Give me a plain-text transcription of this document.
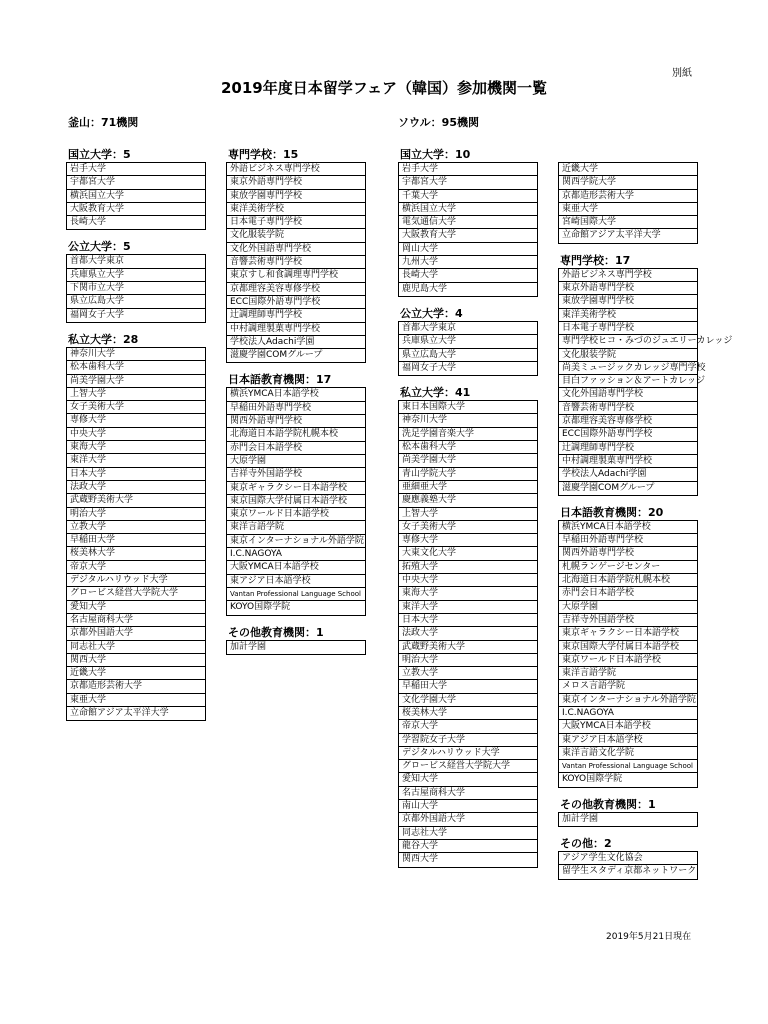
別紙
2019年度日本留学フェア（韓国）参加機関一覧
釜山：71機関	ソウル：95機関
国立大学：5
岩手大学
宇都宮大学
横浜国立大学
大阪教育大学
長崎大学
公立大学：5
首都大学東京
兵庫県立大学
下関市立大学
県立広島大学
福岡女子大学
私立大学：28
神奈川大学
松本歯科大学
尚美学園大学
上智大学
女子美術大学
専修大学
中央大学
東海大学
東洋大学
日本大学
法政大学
武蔵野美術大学
明治大学
立教大学
早稲田大学
桜美林大学
帝京大学
デジタルハリウッド大学
グロービス経営大学院大学
愛知大学
名古屋商科大学
京都外国語大学
同志社大学
関西大学
近畿大学
京都造形芸術大学
東亜大学
立命館アジア太平洋大学
専門学校：15
外語ビジネス専門学校
東京外語専門学校
東放学園専門学校
東洋美術学校
日本電子専門学校
文化服装学院
文化外国語専門学校
音響芸術専門学校
東京すし和食調理専門学校
京都理容美容専修学校
ECC国際外語専門学校
辻調理師専門学校
中村調理製菓専門学校
学校法人Adachi学園
滋慶学園COMグループ
日本語教育機関：17
横浜YMCA日本語学校
早稲田外語専門学校
関西外語専門学校
北海道日本語学院札幌本校
赤門会日本語学校
大原学園
吉祥寺外国語学校
東京ギャラクシー日本語学校
東京国際大学付属日本語学校
東京ワールド日本語学校
東洋言語学院
東京インターナショナル外語学院
I.C.NAGOYA
大阪YMCA日本語学校
東アジア日本語学校
Vantan Professional Language School
KOYO国際学院
その他教育機関：1
加計学園
国立大学：10
岩手大学
宇都宮大学
千葉大学
横浜国立大学
電気通信大学
大阪教育大学
岡山大学
九州大学
長崎大学
鹿児島大学
公立大学：4
首都大学東京
兵庫県立大学
県立広島大学
福岡女子大学
私立大学：41
東日本国際大学
神奈川大学
洗足学園音楽大学
松本歯科大学
尚美学園大学
青山学院大学
亜細亜大学
慶應義塾大学
上智大学
女子美術大学
専修大学
大東文化大学
拓殖大学
中央大学
東海大学
東洋大学
日本大学
法政大学
武蔵野美術大学
明治大学
立教大学
早稲田大学
文化学園大学
桜美林大学
帝京大学
学習院女子大学
デジタルハリウッド大学
グロービス経営大学院大学
愛知大学
名古屋商科大学
南山大学
京都外国語大学
同志社大学
龍谷大学
関西大学
近畿大学
関西学院大学
京都造形芸術大学
東亜大学
宮崎国際大学
立命館アジア太平洋大学
専門学校：17
外語ビジネス専門学校
東京外語専門学校
東放学園専門学校
東洋美術学校
日本電子専門学校
専門学校ヒコ・みづのジュエリーカレッジ
文化服装学院
尚美ミュージックカレッジ専門学校
目白ファッション＆アートカレッジ
文化外国語専門学校
音響芸術専門学校
京都理容美容専修学校
ECC国際外語専門学校
辻調理師専門学校
中村調理製菓専門学校
学校法人Adachi学園
滋慶学園COMグループ
日本語教育機関：20
横浜YMCA日本語学校
早稲田外語専門学校
関西外語専門学校
札幌ランゲージセンター
北海道日本語学院札幌本校
赤門会日本語学校
大原学園
吉祥寺外国語学校
東京ギャラクシー日本語学校
東京国際大学付属日本語学校
東京ワールド日本語学校
東洋言語学院
メロス言語学院
東京インターナショナル外語学院
I.C.NAGOYA
大阪YMCA日本語学校
東アジア日本語学校
東洋言語文化学院
Vantan Professional Language School
KOYO国際学院
その他教育機関：1
加計学園
その他：2
アジア学生文化協会
留学生スタディ京都ネットワーク
2019年5月21日現在
